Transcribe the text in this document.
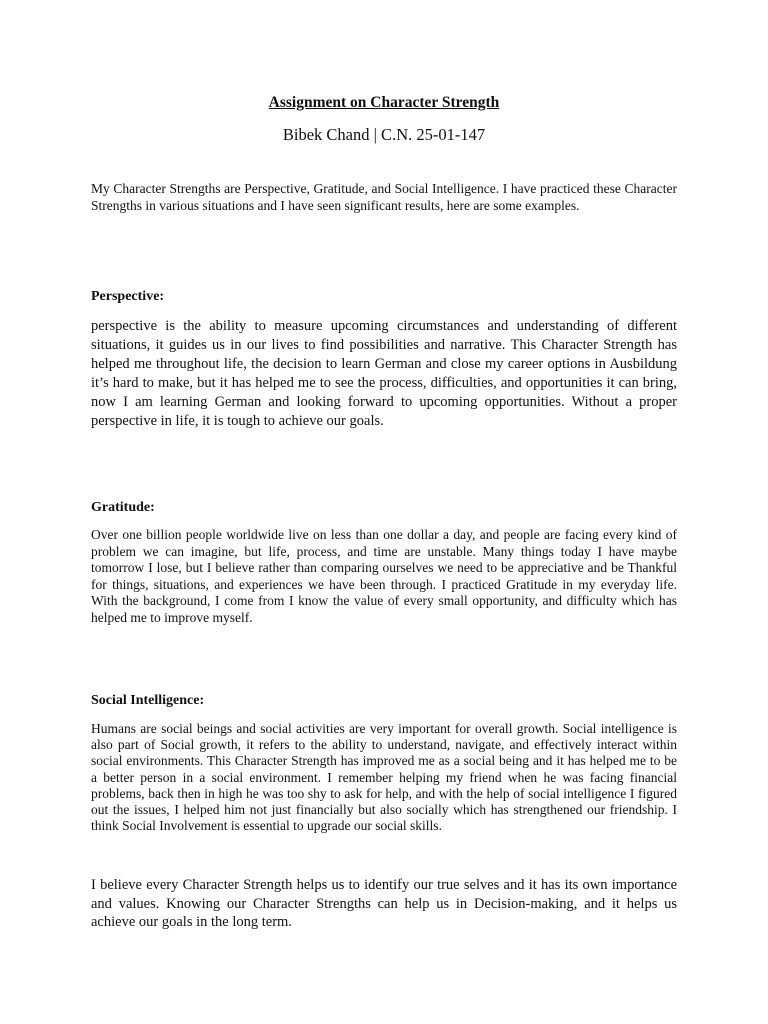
Assignment on Character Strength

Bibek Chand | C.N. 25-01-147

My Character Strengths are Perspective, Gratitude, and Social Intelligence. I have practiced these Character Strengths in various situations and I have seen significant results, here are some examples.

Perspective:

perspective is the ability to measure upcoming circumstances and understanding of different situations, it guides us in our lives to find possibilities and narrative. This Character Strength has helped me throughout life, the decision to learn German and close my career options in Ausbildung it’s hard to make, but it has helped me to see the process, difficulties, and opportunities it can bring, now I am learning German and looking forward to upcoming opportunities. Without a proper perspective in life, it is tough to achieve our goals.

Gratitude:

Over one billion people worldwide live on less than one dollar a day, and people are facing every kind of problem we can imagine, but life, process, and time are unstable. Many things today I have maybe tomorrow I lose, but I believe rather than comparing ourselves we need to be appreciative and be Thankful for things, situations, and experiences we have been through. I practiced Gratitude in my everyday life. With the background, I come from I know the value of every small opportunity, and difficulty which has helped me to improve myself.

Social Intelligence:

Humans are social beings and social activities are very important for overall growth. Social intelligence is also part of Social growth, it refers to the ability to understand, navigate, and effectively interact within social environments. This Character Strength has improved me as a social being and it has helped me to be a better person in a social environment. I remember helping my friend when he was facing financial problems, back then in high he was too shy to ask for help, and with the help of social intelligence I figured out the issues, I helped him not just financially but also socially which has strengthened our friendship. I think Social Involvement is essential to upgrade our social skills.

I believe every Character Strength helps us to identify our true selves and it has its own importance and values. Knowing our Character Strengths can help us in Decision-making, and it helps us achieve our goals in the long term.
